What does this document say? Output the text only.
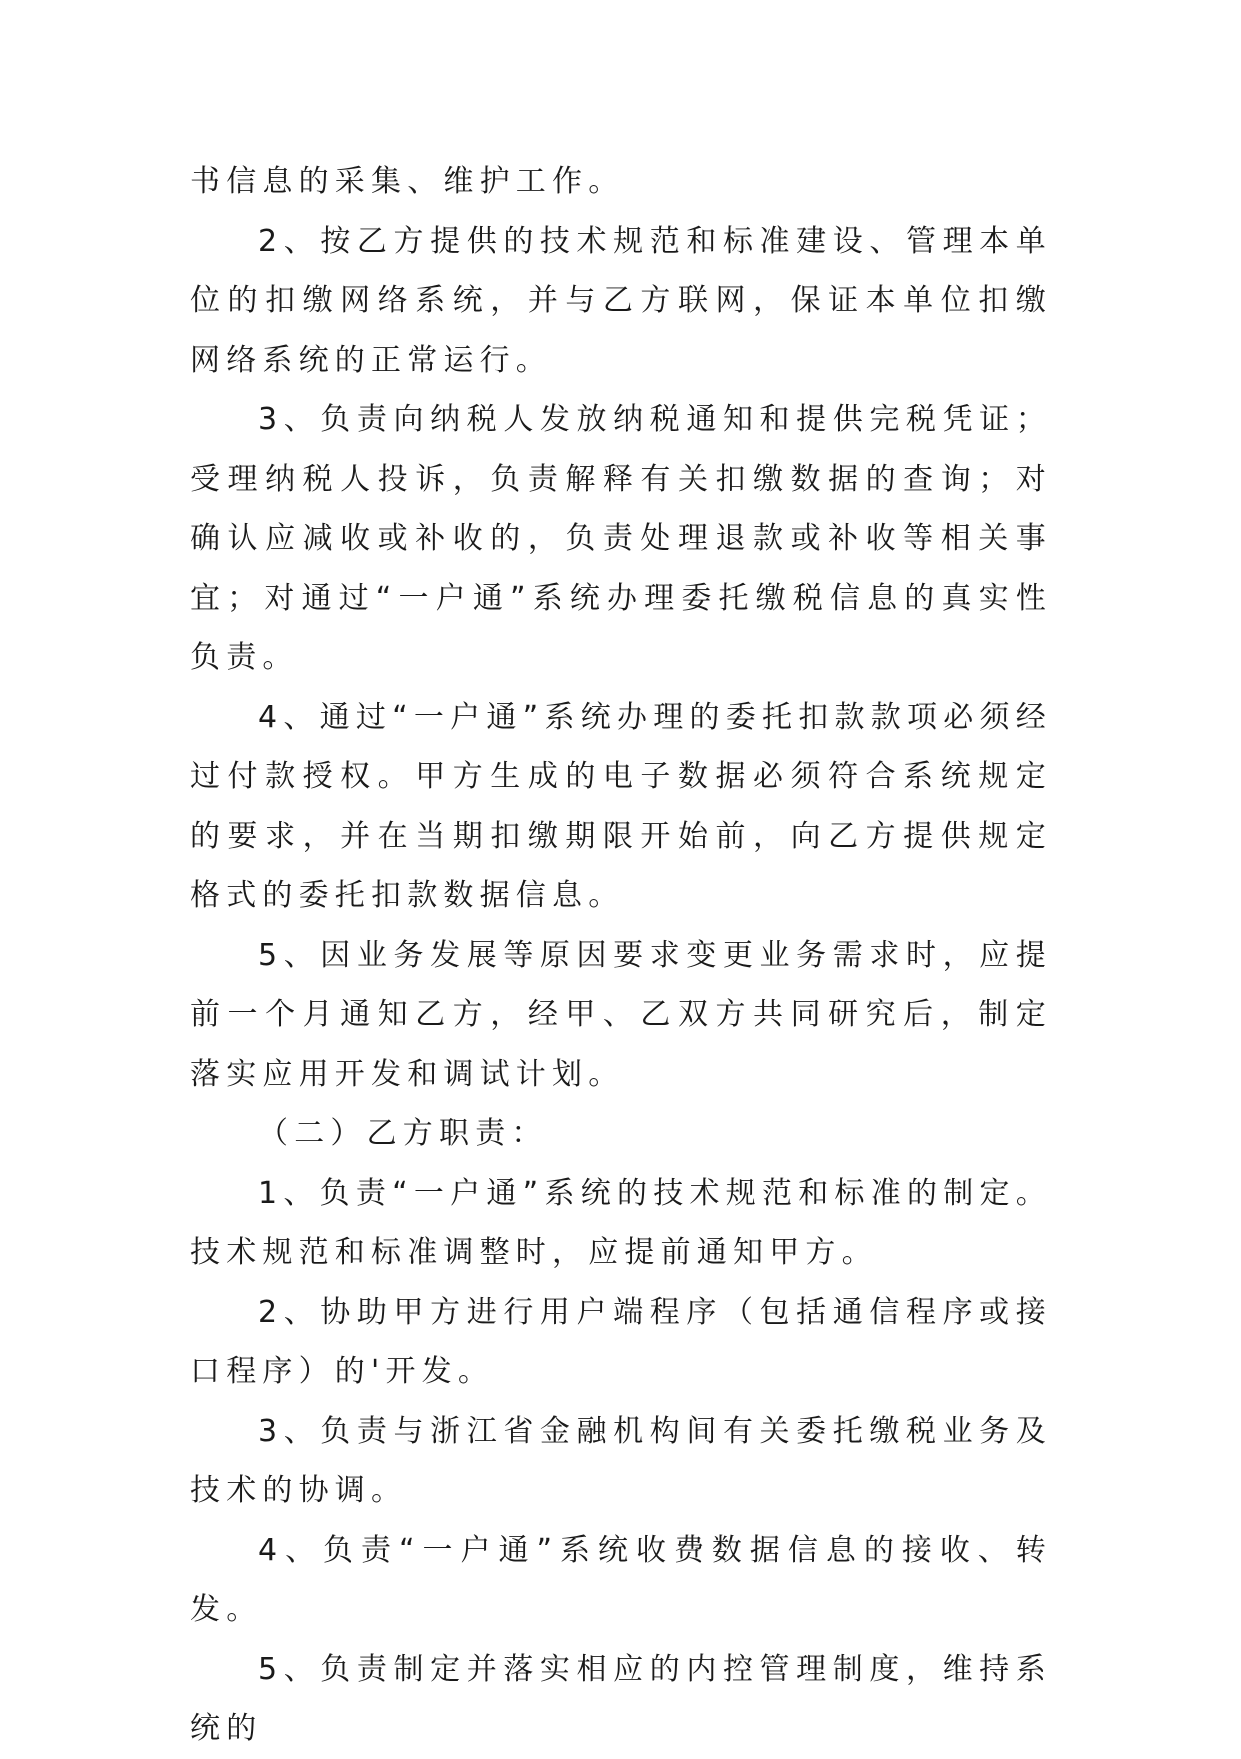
书信息的采集、维护工作。

2、按乙方提供的技术规范和标准建设、管理本单位的扣缴网络系统，并与乙方联网，保证本单位扣缴网络系统的正常运行。

3、负责向纳税人发放纳税通知和提供完税凭证；受理纳税人投诉，负责解释有关扣缴数据的查询；对确认应减收或补收的，负责处理退款或补收等相关事宜；对通过“一户通”系统办理委托缴税信息的真实性负责。

4、通过“一户通”系统办理的委托扣款款项必须经过付款授权。甲方生成的电子数据必须符合系统规定的要求，并在当期扣缴期限开始前，向乙方提供规定格式的委托扣款数据信息。

5、因业务发展等原因要求变更业务需求时，应提前一个月通知乙方，经甲、乙双方共同研究后，制定落实应用开发和调试计划。

（二）乙方职责：

1、负责“一户通”系统的技术规范和标准的制定。技术规范和标准调整时，应提前通知甲方。

2、协助甲方进行用户端程序（包括通信程序或接口程序）的'开发。

3、负责与浙江省金融机构间有关委托缴税业务及技术的协调。

4、负责“一户通”系统收费数据信息的接收、转发。

5、负责制定并落实相应的内控管理制度，维持系统的
